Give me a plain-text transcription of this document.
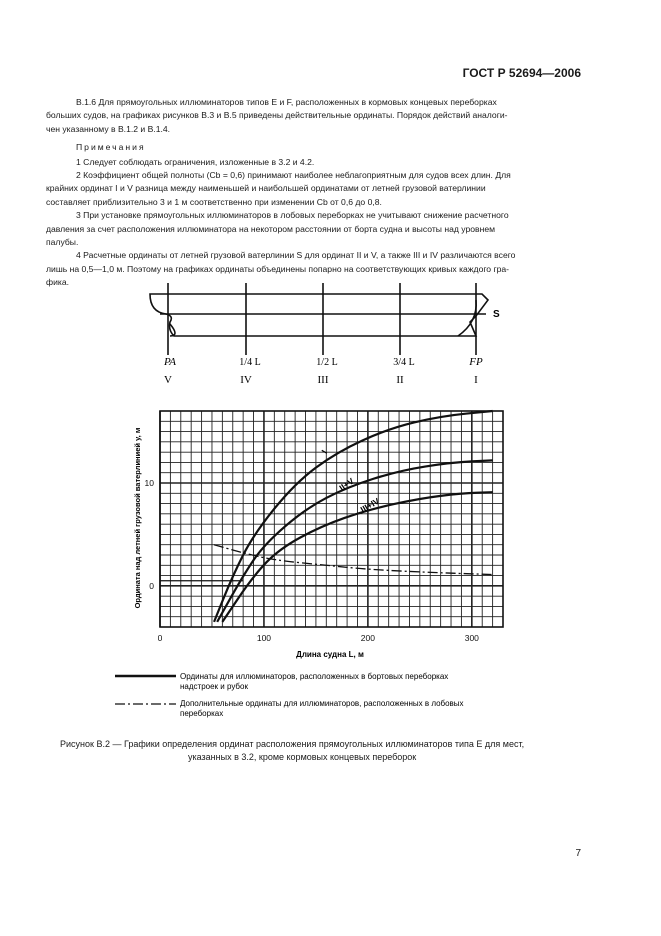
ГОСТ Р 52694—2006

В.1.6 Для прямоугольных иллюминаторов типов E и F, расположенных в кормовых концевых переборках

больших судов, на графиках рисунков В.3 и В.5 приведены действительные ординаты. Порядок действий аналоги-

чен указанному в В.1.2 и В.1.4.

Примечания

1 Следует соблюдать ограничения, изложенные в 3.2 и 4.2.

2 Коэффициент общей полноты (Cb = 0,6) принимают наиболее неблагоприятным для судов всех длин. Для

крайних ординат I и V разница между наименьшей и наибольшей ординатами от летней грузовой ватерлинии

составляет приблизительно 3 и 1 м соответственно при изменении Cb от 0,6 до 0,8.

3 При установке прямоугольных иллюминаторов в лобовых переборках не учитывают снижение расчетного

давления за счет расположения иллюминатора на некотором расстоянии от борта судна и высоты над уровнем

палубы.

4 Расчетные ординаты от летней грузовой ватерлинии S для ординат II и V, а также III и IV различаются всего

лишь на 0,5—1,0 м. Поэтому на графиках ординаты объединены попарно на соответствующих кривых каждого гра-

фика.

S
PA	1/4 L	1/2 L	3/4 L	FP
V	IV	III	II	I
0	100	200	300
0
10
Длина судна L, м
Ордината над летней грузовой ватерлинией y, м	I
II+V
III+IV
Ординаты для иллюминаторов, расположенных в бортовых переборках
надстроек и рубок
Дополнительные ординаты для иллюминаторов, расположенных в лобовых
переборках
Рисунок В.2 — Графики определения ординат расположения прямоугольных иллюминаторов типа E для мест,
указанных в 3.2, кроме кормовых концевых переборок
7
